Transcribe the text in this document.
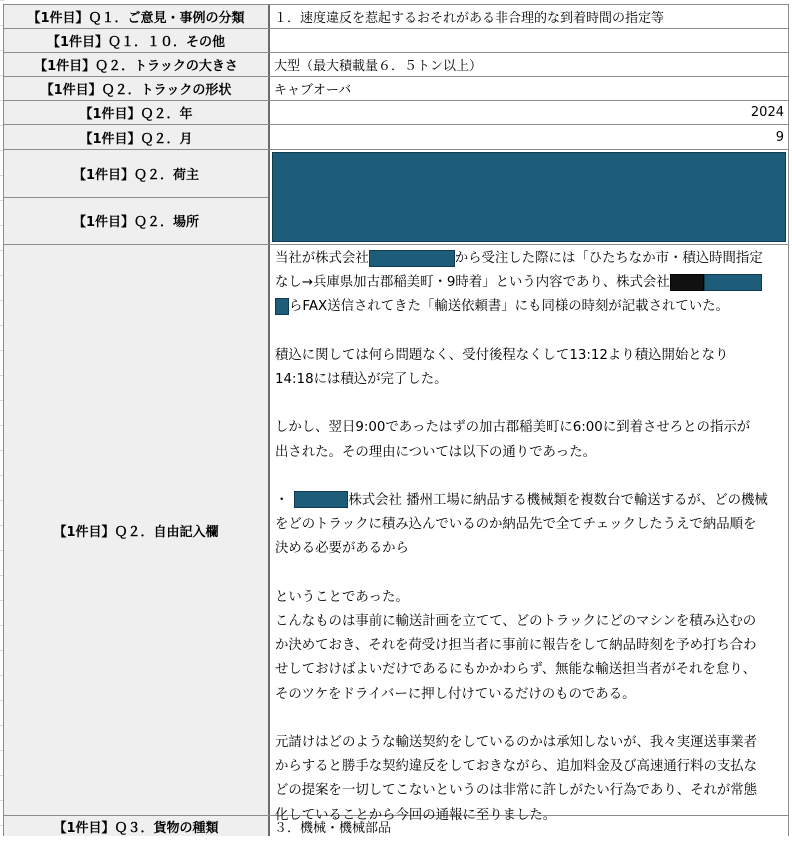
【1件目】Ｑ１．ご意見・事例の分類	１．速度違反を惹起するおそれがある非合理的な到着時間の指定等
【1件目】Ｑ１．１０．その他
【1件目】Ｑ２．トラックの大きさ	大型（最大積載量６．５トン以上）
【1件目】Ｑ２．トラックの形状	キャブオーバ
【1件目】Ｑ２．年	2024
【1件目】Ｑ２．月	9
【1件目】Ｑ２．荷主
【1件目】Ｑ２．場所
【1件目】Ｑ２．自由記入欄
当社が株式会社	から受注した際には「ひたちなか市・積込時間指定
なし→兵庫県加古郡稲美町・9時着」という内容であり、株式会社
らFAX送信されてきた「輸送依頼書」にも同様の時刻が記載されていた。
積込に関しては何ら問題なく、受付後程なくして13:12より積込開始となり
14:18には積込が完了した。
しかし、翌日9:00であったはずの加古郡稲美町に6:00に到着させろとの指示が
出された。その理由については以下の通りであった。
・	株式会社 播州工場に納品する機械類を複数台で輸送するが、どの機械
をどのトラックに積み込んでいるのか納品先で全てチェックしたうえで納品順を
決める必要があるから
ということであった。
こんなものは事前に輸送計画を立てて、どのトラックにどのマシンを積み込むの
か決めておき、それを荷受け担当者に事前に報告をして納品時刻を予め打ち合わ
せしておけばよいだけであるにもかかわらず、無能な輸送担当者がそれを怠り、
そのツケをドライバーに押し付けているだけのものである。
元請けはどのような輸送契約をしているのかは承知しないが、我々実運送事業者
からすると勝手な契約違反をしておきながら、追加料金及び高速通行料の支払な
どの提案を一切してこないというのは非常に許しがたい行為であり、それが常態
化していることから今回の通報に至りました。
【1件目】Ｑ３．貨物の種類	３．機械・機械部品
